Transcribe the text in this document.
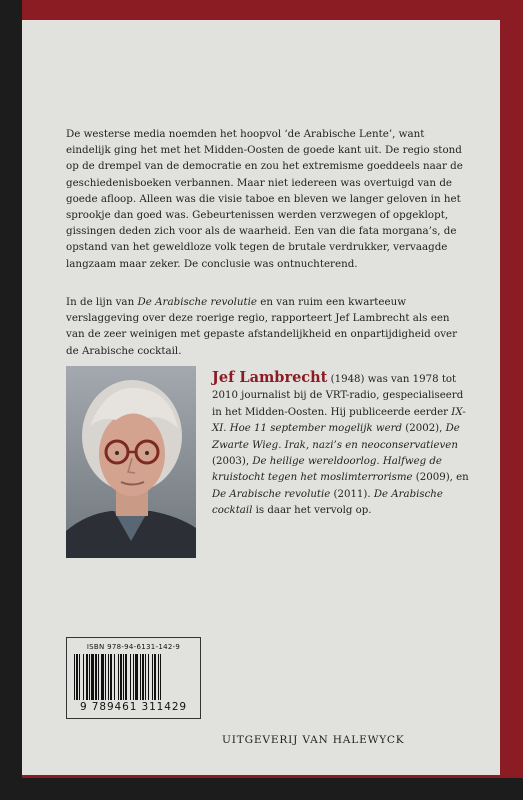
De westerse media noemden het hoopvol ‘de Arabische Lente’, want eindelijk ging het met het Midden-Oosten de goede kant uit. De regio stond op de drempel van de democratie en zou het extremisme goeddeels naar de geschiedenisboeken verbannen. Maar niet iedereen was overtuigd van de goede afloop. Alleen was die visie taboe en bleven we langer geloven in het sprookje dan goed was. Gebeurtenissen werden verzwegen of opgeklopt, gissingen deden zich voor als de waarheid. Een van die fata morgana’s, de opstand van het geweldloze volk tegen de brutale verdrukker, vervaagde langzaam maar zeker. De conclusie was ontnuchterend.

In de lijn van De Arabische revolutie en van ruim een kwarteeuw verslaggeving over deze roerige regio, rapporteert Jef Lambrecht als een van de zeer weinigen met gepaste afstandelijkheid en onpartijdigheid over de Arabische cocktail.

Jef Lambrecht (1948) was van 1978 tot 2010 journalist bij de VRT-radio, gespecialiseerd in het Midden-Oosten. Hij publiceerde eerder IX-XI. Hoe 11 september mogelijk werd (2002), De Zwarte Wieg. Irak, nazi’s en neoconservatieven (2003), De heilige wereldoorlog. Halfweg de kruistocht tegen het moslimterrorisme (2009), en De Arabische revolutie (2011). De Arabische cocktail is daar het vervolg op.

ISBN 978-94-6131-142-9
9 789461 311429
UITGEVERIJ VAN HALEWYCK
